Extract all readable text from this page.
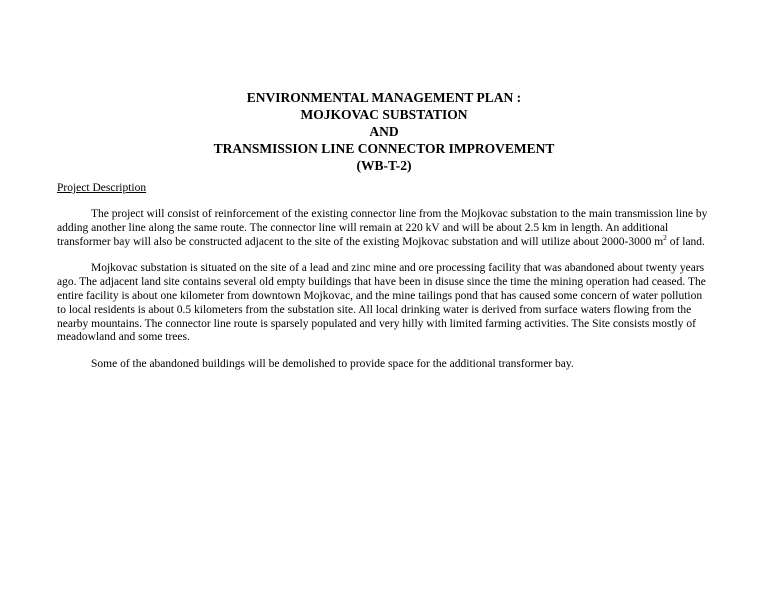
ENVIRONMENTAL MANAGEMENT PLAN :
MOJKOVAC SUBSTATION
AND
TRANSMISSION LINE CONNECTOR IMPROVEMENT
(WB-T-2)
Project Description

The project will consist of reinforcement of the existing connector line from the Mojkovac substation to the main transmission line by adding another line along the same route. The connector line will remain at 220 kV and will be about 2.5 km in length. An additional transformer bay will also be constructed adjacent to the site of the existing Mojkovac substation and will utilize about 2000-3000 $m^2$ of land.

Mojkovac substation is situated on the site of a lead and zinc mine and ore processing facility that was abandoned about twenty years ago. The adjacent land site contains several old empty buildings that have been in disuse since the time the mining operation had ceased. The entire facility is about one kilometer from downtown Mojkovac, and the mine tailings pond that has caused some concern of water pollution to local residents is about 0.5 kilometers from the substation site. All local drinking water is derived from surface waters flowing from the nearby mountains. The connector line route is sparsely populated and very hilly with limited farming activities. The Site consists mostly of meadowland and some trees.

Some of the abandoned buildings will be demolished to provide space for the additional transformer bay.
